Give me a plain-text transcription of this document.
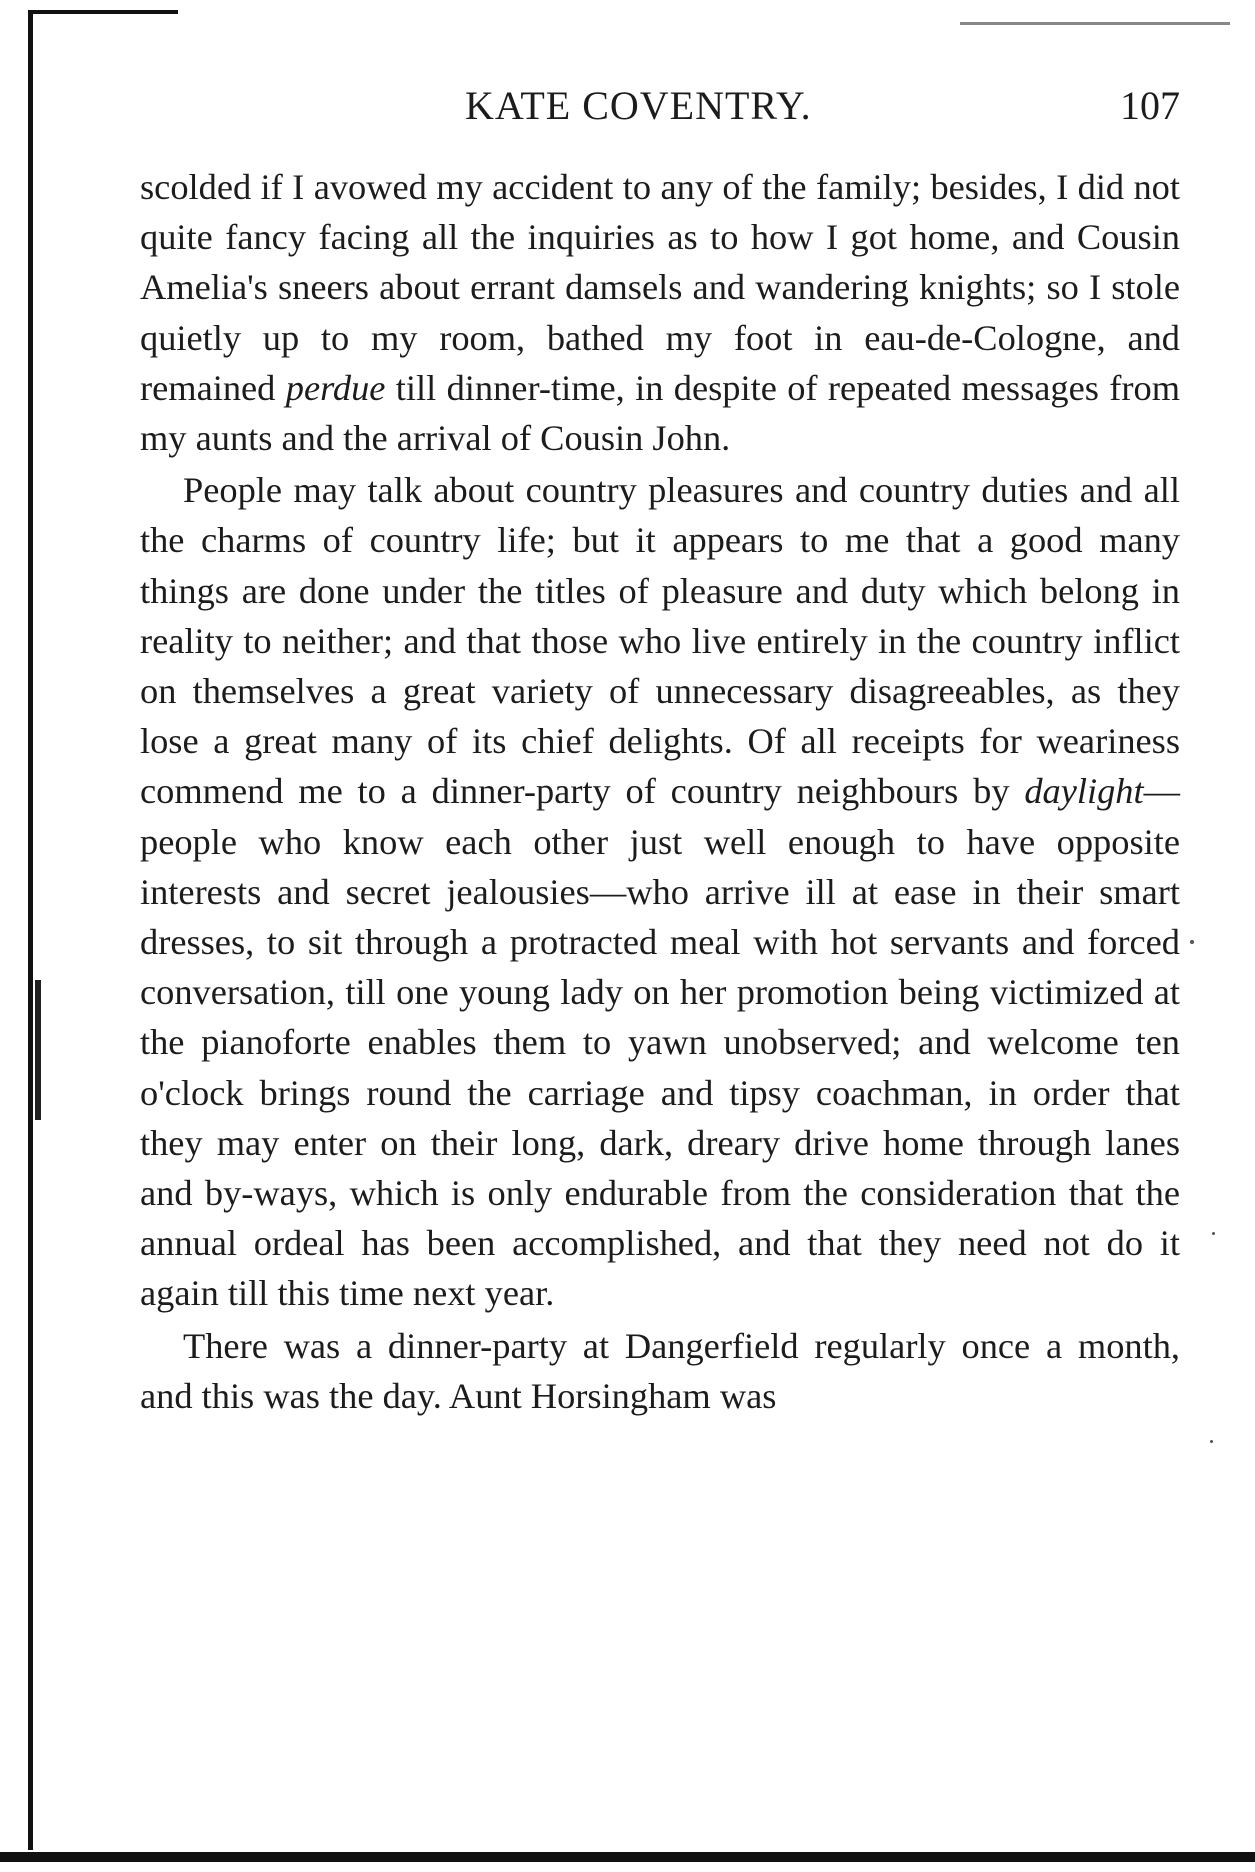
KATE COVENTRY.	107

scolded if I avowed my accident to any of the family; besides, I did not quite fancy facing all the inquiries as to how I got home, and Cousin Amelia's sneers about errant damsels and wandering knights; so I stole quietly up to my room, bathed my foot in eau-de-Cologne, and remained perdue till dinner-time, in despite of repeated messages from my aunts and the arrival of Cousin John.

People may talk about country pleasures and country duties and all the charms of country life; but it appears to me that a good many things are done under the titles of pleasure and duty which belong in reality to neither; and that those who live entirely in the country inflict on themselves a great variety of unnecessary disagreeables, as they lose a great many of its chief delights. Of all receipts for weariness commend me to a dinner-party of country neighbours by daylight—people who know each other just well enough to have opposite interests and secret jealousies—who arrive ill at ease in their smart dresses, to sit through a protracted meal with hot servants and forced conversation, till one young lady on her promotion being victimized at the pianoforte enables them to yawn unobserved; and welcome ten o'clock brings round the carriage and tipsy coachman, in order that they may enter on their long, dark, dreary drive home through lanes and by-ways, which is only endurable from the consideration that the annual ordeal has been accomplished, and that they need not do it again till this time next year.

There was a dinner-party at Dangerfield regularly once a month, and this was the day. Aunt Horsingham was
